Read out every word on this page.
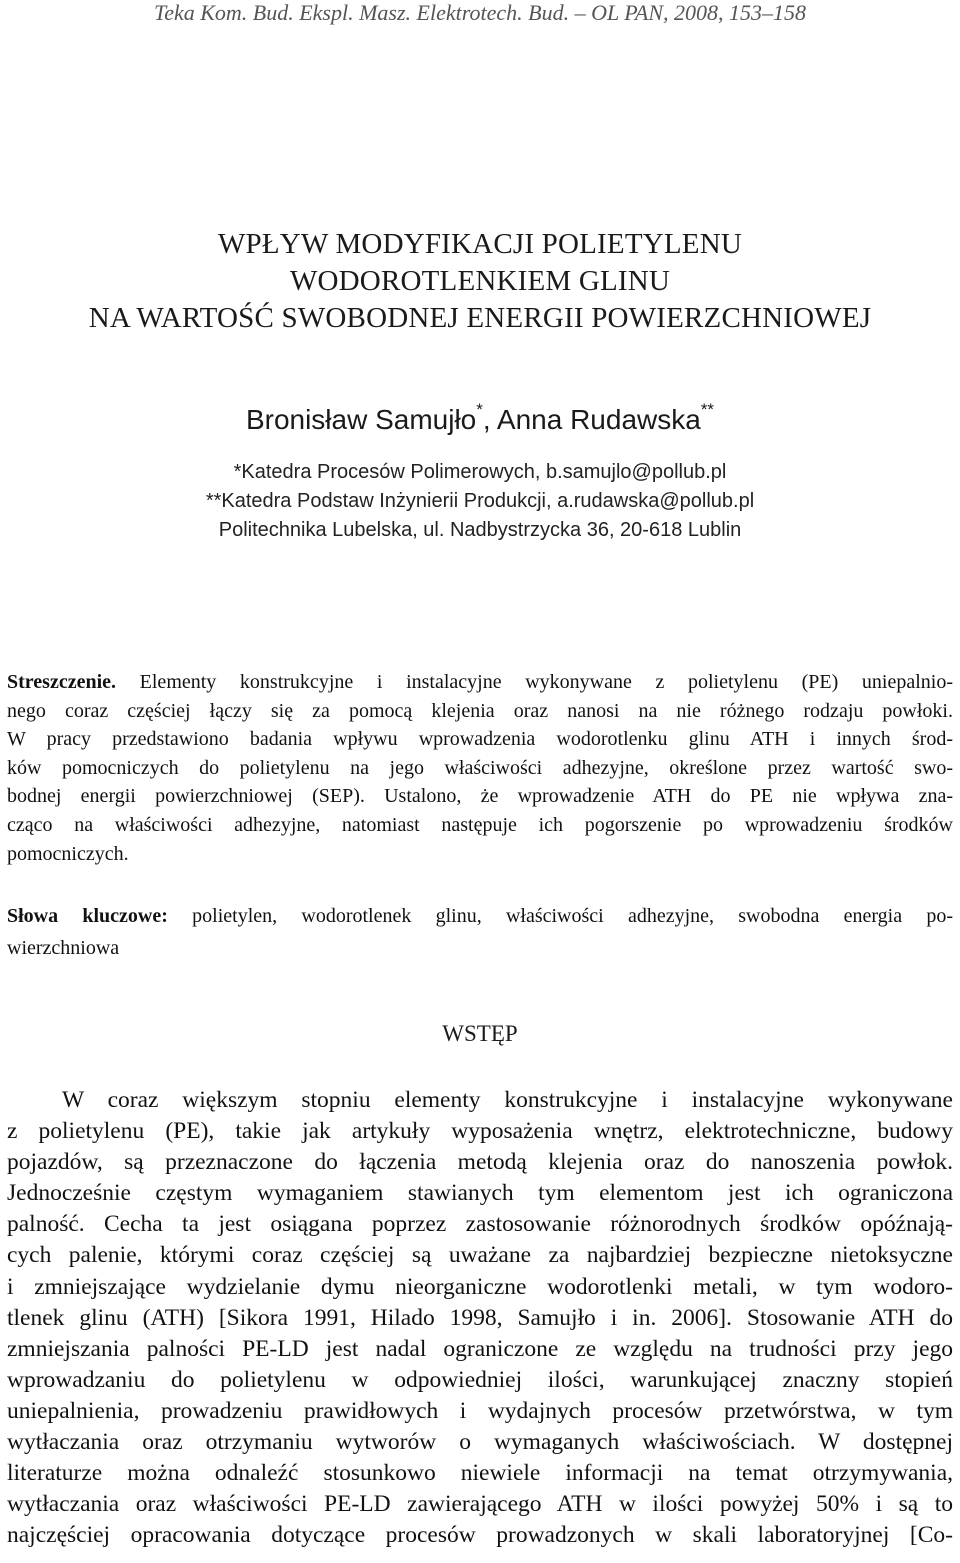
Teka Kom. Bud. Ekspl. Masz. Elektrotech. Bud. – OL PAN, 2008, 153–158
WPŁYW MODYFIKACJI POLIETYLENU
WODOROTLENKIEM GLINU
NA WARTOŚĆ SWOBODNEJ ENERGII POWIERZCHNIOWEJ
Bronisław Samujło*, Anna Rudawska**
*Katedra Procesów Polimerowych, b.samujlo@pollub.pl
**Katedra Podstaw Inżynierii Produkcji, a.rudawska@pollub.pl
Politechnika Lubelska, ul. Nadbystrzycka 36, 20-618 Lublin
Streszczenie. Elementy konstrukcyjne i instalacyjne wykonywane z polietylenu (PE) uniepalnio-
nego coraz częściej łączy się za pomocą klejenia oraz nanosi na nie różnego rodzaju powłoki.
W pracy przedstawiono badania wpływu wprowadzenia wodorotlenku glinu ATH i innych środ-
ków pomocniczych do polietylenu na jego właściwości adhezyjne, określone przez wartość swo-
bodnej energii powierzchniowej (SEP). Ustalono, że wprowadzenie ATH do PE nie wpływa zna-
cząco na właściwości adhezyjne, natomiast następuje ich pogorszenie po wprowadzeniu środków
pomocniczych.
Słowa kluczowe: polietylen, wodorotlenek glinu, właściwości adhezyjne, swobodna energia po-
wierzchniowa
WSTĘP
W coraz większym stopniu elementy konstrukcyjne i instalacyjne wykonywane
z polietylenu (PE), takie jak artykuły wyposażenia wnętrz, elektrotechniczne, budowy
pojazdów, są przeznaczone do łączenia metodą klejenia oraz do nanoszenia powłok.
Jednocześnie częstym wymaganiem stawianych tym elementom jest ich ograniczona
palność. Cecha ta jest osiągana poprzez zastosowanie różnorodnych środków opóźnają-
cych palenie, którymi coraz częściej są uważane za najbardziej bezpieczne nietoksyczne
i zmniejszające wydzielanie dymu nieorganiczne wodorotlenki metali, w tym wodoro-
tlenek glinu (ATH) [Sikora 1991, Hilado 1998, Samujło i in. 2006]. Stosowanie ATH do
zmniejszania palności PE-LD jest nadal ograniczone ze względu na trudności przy jego
wprowadzaniu do polietylenu w odpowiedniej ilości, warunkującej znaczny stopień
uniepalnienia, prowadzeniu prawidłowych i wydajnych procesów przetwórstwa, w tym
wytłaczania oraz otrzymaniu wytworów o wymaganych właściwościach. W dostępnej
literaturze można odnaleźć stosunkowo niewiele informacji na temat otrzymywania,
wytłaczania oraz właściwości PE-LD zawierającego ATH w ilości powyżej 50% i są to
najczęściej opracowania dotyczące procesów prowadzonych w skali laboratoryjnej [Co-
